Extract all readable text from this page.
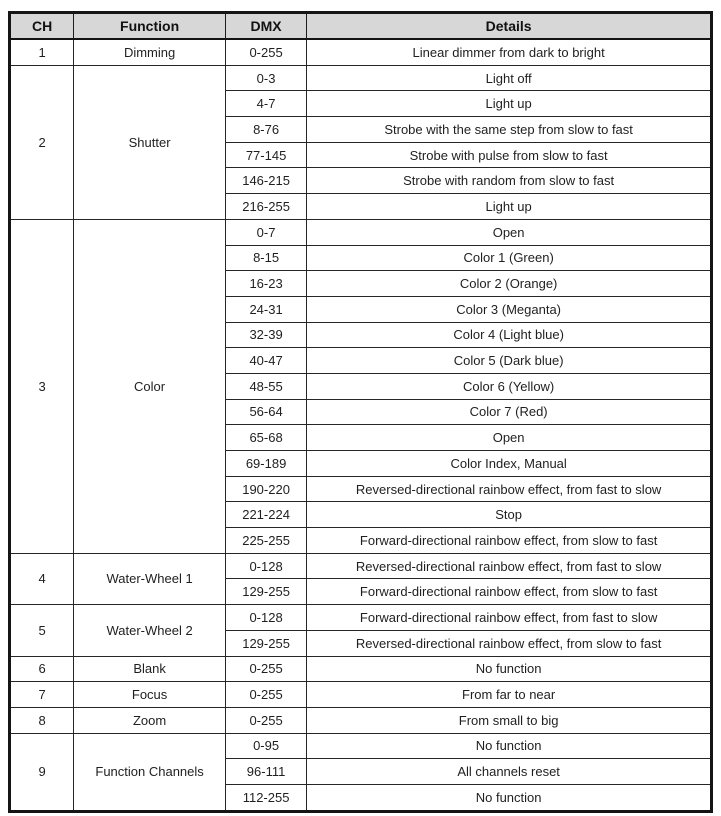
CH	Function	DMX	Details
1	Dimming	0-255	Linear dimmer from dark to bright
2	Shutter	0-3	Light off
		4-7	Light up
		8-76	Strobe with the same step from slow to fast
		77-145	Strobe with pulse from slow to fast
		146-215	Strobe with random from slow to fast
		216-255	Light up
3	Color	0-7	Open
		8-15	Color 1 (Green)
		16-23	Color 2 (Orange)
		24-31	Color 3 (Meganta)
		32-39	Color 4 (Light blue)
		40-47	Color 5 (Dark blue)
		48-55	Color 6 (Yellow)
		56-64	Color 7 (Red)
		65-68	Open
		69-189	Color Index, Manual
		190-220	Reversed-directional rainbow effect, from fast to slow
		221-224	Stop
		225-255	Forward-directional rainbow effect, from slow to fast
4	Water-Wheel 1	0-128	Reversed-directional rainbow effect, from fast to slow
		129-255	Forward-directional rainbow effect, from slow to fast
5	Water-Wheel 2	0-128	Forward-directional rainbow effect, from fast to slow
		129-255	Reversed-directional rainbow effect, from slow to fast
6	Blank	0-255	No function
7	Focus	0-255	From far to near
8	Zoom	0-255	From small to big
9	Function Channels	0-95	No function
		96-111	All channels reset
		112-255	No function
